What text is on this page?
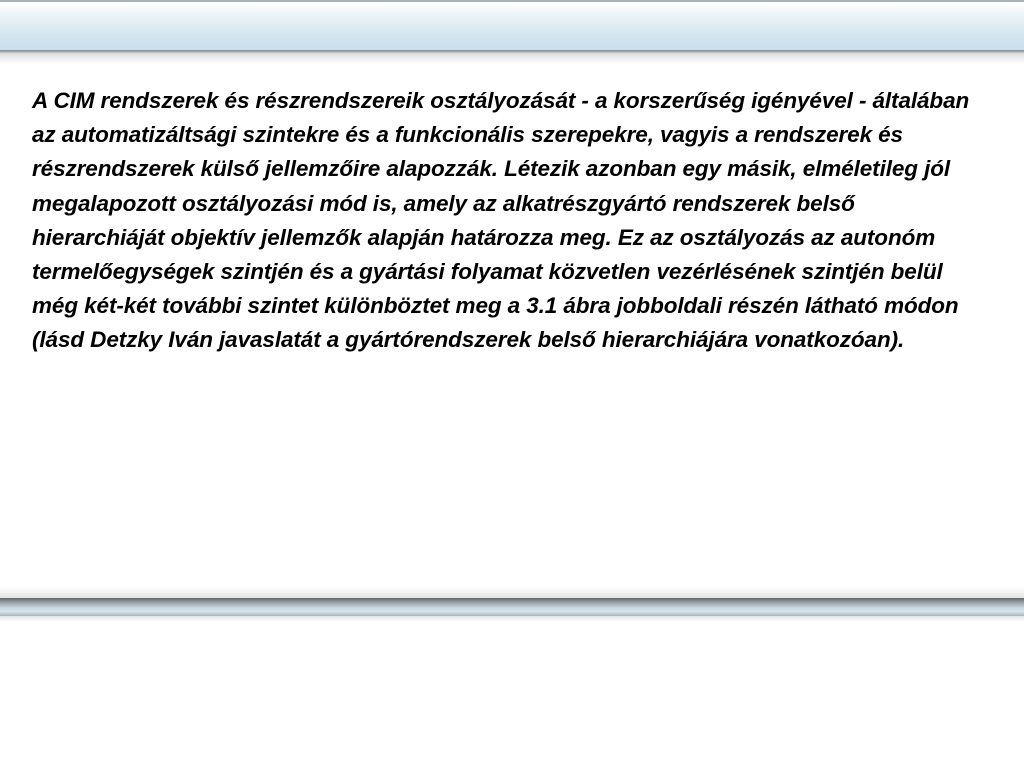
A CIM rendszerek és részrendszereik osztályozását - a korszerűség igényével - általában az automatizáltsági szintekre és a funkcionális szerepekre, vagyis a rendszerek és részrendszerek külső jellemzőire alapozzák. Létezik azonban egy másik, elméletileg jól megalapozott osztályozási mód is, amely az alkatrészgyártó rendszerek belső hierarchiáját objektív jellemzők alapján határozza meg. Ez az osztályozás az autonóm termelőegységek szintjén és a gyártási folyamat közvetlen vezérlésének szintjén belül még két-két további szintet különböztet meg a 3.1 ábra jobboldali részén látható módon (lásd Detzky Iván javaslatát a gyártórendszerek belső hierarchiájára vonatkozóan).
